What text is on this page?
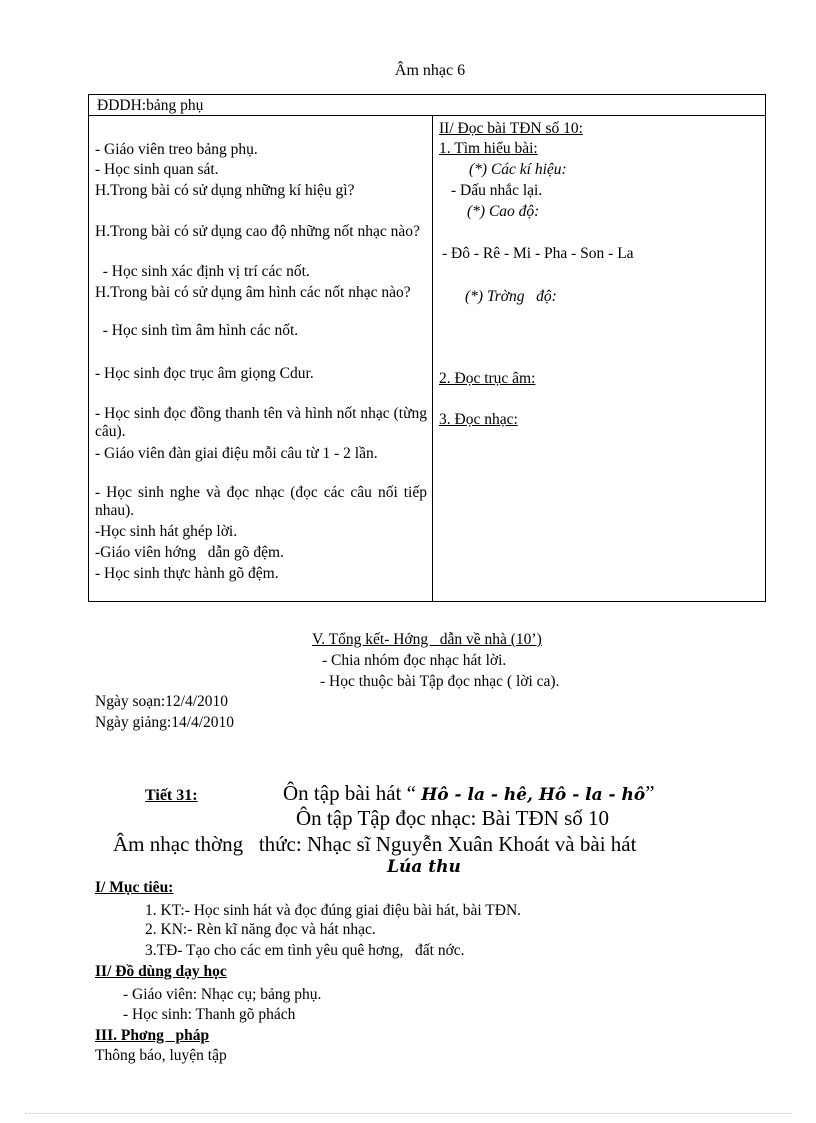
Âm nhạc 6
ĐDDH:bảng phụ
- Giáo viên treo bảng phụ.
- Học sinh quan sát.
H.Trong bài có sử dụng những kí hiệu gì?
H.Trong bài có sử dụng cao độ những nốt nhạc nào?
- Học sinh xác định vị trí các nốt.
H.Trong bài có sử dụng âm hình các nốt nhạc nào?
- Học sinh tìm âm hình các nốt.
- Học sinh đọc trục âm giọng Cdur.
- Học sinh đọc đồng thanh tên và hình nốt nhạc (từng câu).
- Giáo viên đàn giai điệu mỗi câu từ 1 - 2 lần.
- Học sinh nghe và đọc nhạc (đọc các câu nối tiếp nhau).
-Học sinh hát ghép lời.
-Giáo viên hớng   dẫn gõ đệm.
- Học sinh thực hành gõ đệm.
II/ Đọc bài TĐN số 10:
1. Tìm hiểu bài:
(*) Các kí hiệu:
- Dấu nhắc lại.
(*) Cao độ:
- Đô - Rê - Mi - Pha - Son - La
(*) Trờng   độ:
2. Đọc trục âm:
3. Đọc nhạc:
V. Tổng kết- Hớng   dẫn về nhà (10’)
- Chia nhóm đọc nhạc hát lời.
- Học thuộc bài Tập đọc nhạc ( lời ca).
Ngày soạn:12/4/2010
Ngày giảng:14/4/2010
Tiết 31:	Ôn tập bài hát “ Hô - la - hê, Hô - la - hô”
Ôn tập Tập đọc nhạc: Bài TĐN số 10
Âm nhạc thờng   thức: Nhạc sĩ Nguyễn Xuân Khoát và bài hát
Lúa thu
I/ Mục tiêu:
1. KT:- Học sinh hát và đọc đúng giai điệu bài hát, bài TĐN.
2. KN:- Rèn kĩ năng đọc và hát nhạc.
3.TĐ- Tạo cho các em tình yêu quê hơng,   đất nớc.
II/ Đồ dùng dạy học
- Giáo viên: Nhạc cụ; bảng phụ.
- Học sinh: Thanh gõ phách
III. Phơng   pháp
Thông báo, luyện tập
